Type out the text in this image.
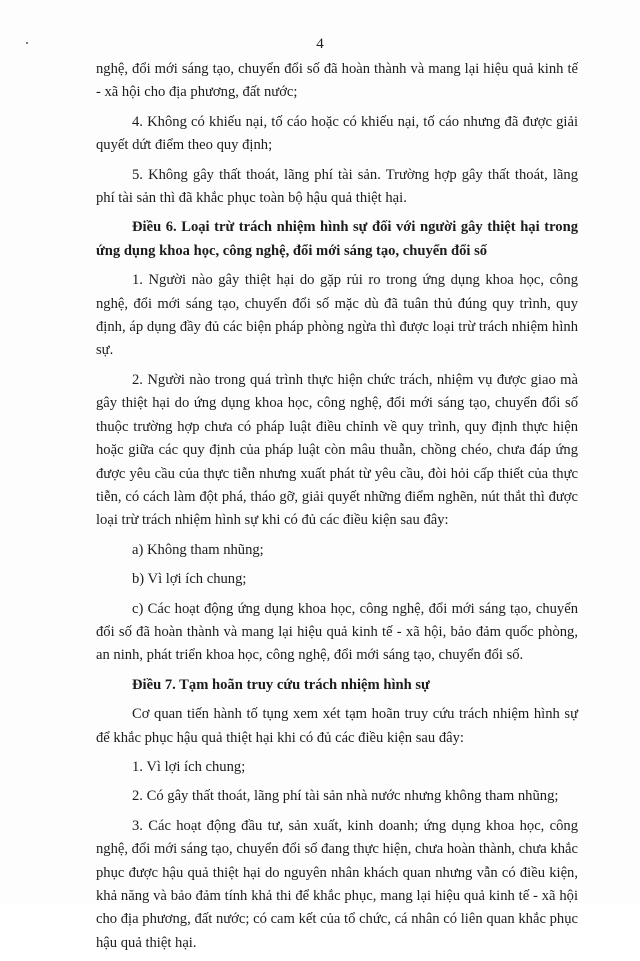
4

nghệ, đổi mới sáng tạo, chuyển đổi số đã hoàn thành và mang lại hiệu quả kinh tế - xã hội cho địa phương, đất nước;

4. Không có khiếu nại, tố cáo hoặc có khiếu nại, tố cáo nhưng đã được giải quyết dứt điểm theo quy định;

5. Không gây thất thoát, lãng phí tài sản. Trường hợp gây thất thoát, lãng phí tài sản thì đã khắc phục toàn bộ hậu quả thiệt hại.

Điều 6. Loại trừ trách nhiệm hình sự đối với người gây thiệt hại trong ứng dụng khoa học, công nghệ, đổi mới sáng tạo, chuyển đổi số

1. Người nào gây thiệt hại do gặp rủi ro trong ứng dụng khoa học, công nghệ, đổi mới sáng tạo, chuyển đổi số mặc dù đã tuân thủ đúng quy trình, quy định, áp dụng đầy đủ các biện pháp phòng ngừa thì được loại trừ trách nhiệm hình sự.

2. Người nào trong quá trình thực hiện chức trách, nhiệm vụ được giao mà gây thiệt hại do ứng dụng khoa học, công nghệ, đổi mới sáng tạo, chuyển đổi số thuộc trường hợp chưa có pháp luật điều chỉnh về quy trình, quy định thực hiện hoặc giữa các quy định của pháp luật còn mâu thuẫn, chồng chéo, chưa đáp ứng được yêu cầu của thực tiễn nhưng xuất phát từ yêu cầu, đòi hỏi cấp thiết của thực tiễn, có cách làm đột phá, tháo gỡ, giải quyết những điểm nghẽn, nút thắt thì được loại trừ trách nhiệm hình sự khi có đủ các điều kiện sau đây:

a) Không tham nhũng;

b) Vì lợi ích chung;

c) Các hoạt động ứng dụng khoa học, công nghệ, đổi mới sáng tạo, chuyển đổi số đã hoàn thành và mang lại hiệu quả kinh tế - xã hội, bảo đảm quốc phòng, an ninh, phát triển khoa học, công nghệ, đổi mới sáng tạo, chuyển đổi số.

Điều 7. Tạm hoãn truy cứu trách nhiệm hình sự

Cơ quan tiến hành tố tụng xem xét tạm hoãn truy cứu trách nhiệm hình sự để khắc phục hậu quả thiệt hại khi có đủ các điều kiện sau đây:

1. Vì lợi ích chung;

2. Có gây thất thoát, lãng phí tài sản nhà nước nhưng không tham nhũng;

3. Các hoạt động đầu tư, sản xuất, kinh doanh; ứng dụng khoa học, công nghệ, đổi mới sáng tạo, chuyển đổi số đang thực hiện, chưa hoàn thành, chưa khắc phục được hậu quả thiệt hại do nguyên nhân khách quan nhưng vẫn có điều kiện, khả năng và bảo đảm tính khả thi để khắc phục, mang lại hiệu quả kinh tế - xã hội cho địa phương, đất nước; có cam kết của tổ chức, cá nhân có liên quan khắc phục hậu quả thiệt hại.
